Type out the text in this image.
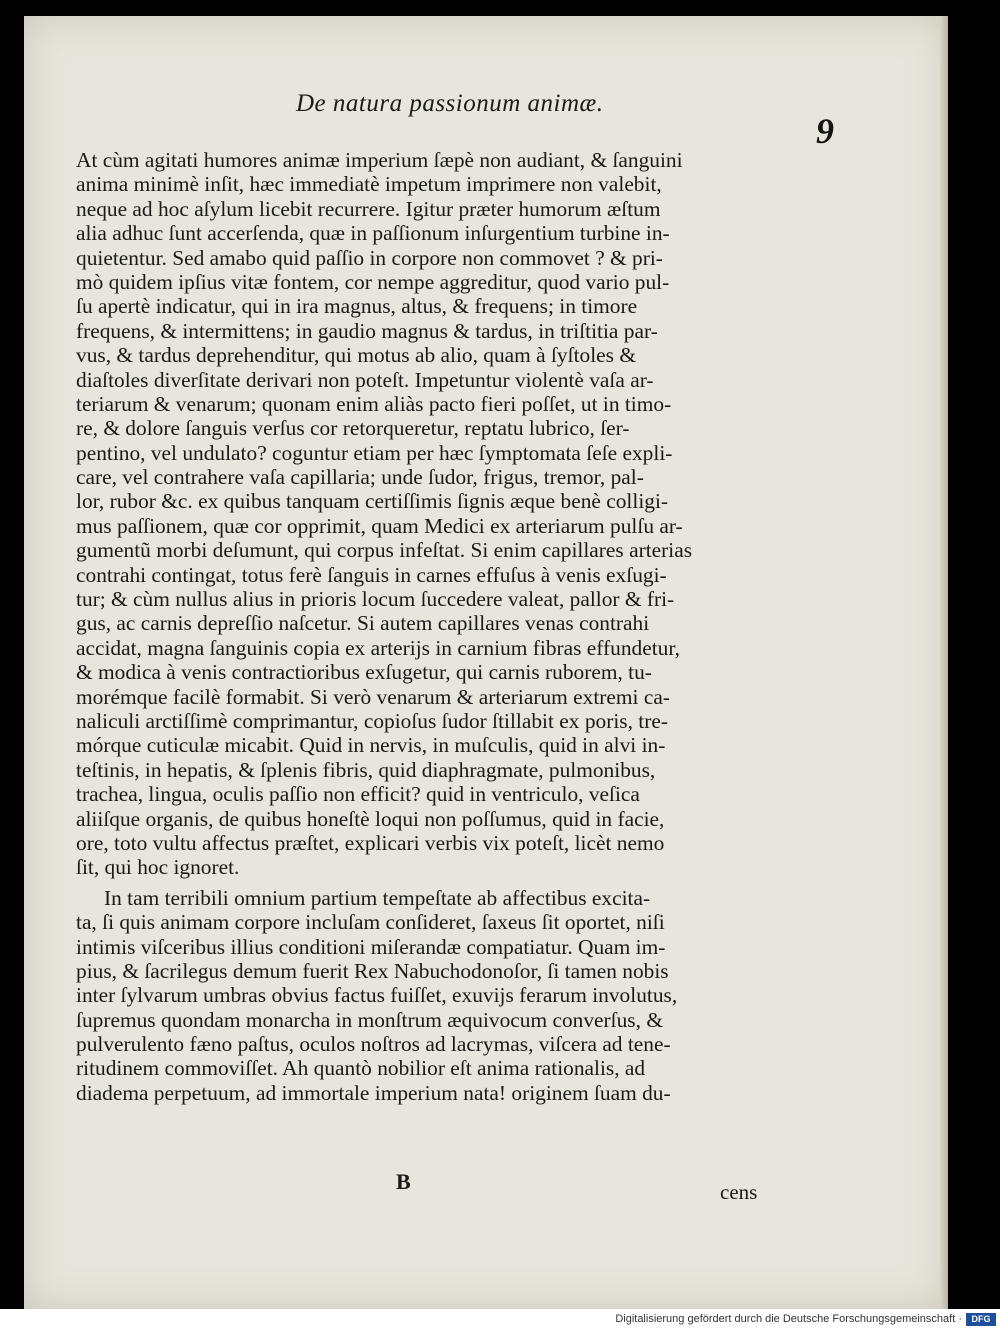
De natura passionum animæ.
9
At cùm agitati humores animæ imperium ſæpè non audiant, & ſanguini
anima minimè inſit, hæc immediatè impetum imprimere non valebit,
neque ad hoc aſylum licebit recurrere. Igitur præter humorum æſtum
alia adhuc ſunt accerſenda, quæ in paſſionum inſurgentium turbine in-
quietentur. Sed amabo quid paſſio in corpore non commovet ? & pri-
mò quidem ipſius vitæ fontem, cor nempe aggreditur, quod vario pul-
ſu apertè indicatur, qui in ira magnus, altus, & frequens; in timore
frequens, & intermittens; in gaudio magnus & tardus, in triſtitia par-
vus, & tardus deprehenditur, qui motus ab alio, quam à ſyſtoles &
diaſtoles diverſitate derivari non poteſt. Impetuntur violentè vaſa ar-
teriarum & venarum; quonam enim aliàs pacto fieri poſſet, ut in timo-
re, & dolore ſanguis verſus cor retorqueretur, reptatu lubrico, ſer-
pentino, vel undulato? coguntur etiam per hæc ſymptomata ſeſe expli-
care, vel contrahere vaſa capillaria; unde ſudor, frigus, tremor, pal-
lor, rubor &c. ex quibus tanquam certiſſimis ſignis æque benè colligi-
mus paſſionem, quæ cor opprimit, quam Medici ex arteriarum pulſu ar-
gumentũ morbi deſumunt, qui corpus infeſtat. Si enim capillares arterias
contrahi contingat, totus ferè ſanguis in carnes effuſus à venis exſugi-
tur; & cùm nullus alius in prioris locum ſuccedere valeat, pallor & fri-
gus, ac carnis depreſſio naſcetur. Si autem capillares venas contrahi
accidat, magna ſanguinis copia ex arterijs in carnium fibras effundetur,
& modica à venis contractioribus exſugetur, qui carnis ruborem, tu-
morémque facilè formabit. Si verò venarum & arteriarum extremi ca-
naliculi arctiſſimè comprimantur, copioſus ſudor ſtillabit ex poris, tre-
mórque cuticulæ micabit. Quid in nervis, in muſculis, quid in alvi in-
teſtinis, in hepatis, & ſplenis fibris, quid diaphragmate, pulmonibus,
trachea, lingua, oculis paſſio non efficit? quid in ventriculo, veſica
aliiſque organis, de quibus honeſtè loqui non poſſumus, quid in facie,
ore, toto vultu affectus præſtet, explicari verbis vix poteſt, licèt nemo
ſit, qui hoc ignoret.
In tam terribili omnium partium tempeſtate ab affectibus excita-
ta, ſi quis animam corpore incluſam conſideret, ſaxeus ſit oportet, niſi
intimis viſceribus illius conditioni miſerandæ compatiatur. Quam im-
pius, & ſacrilegus demum fuerit Rex Nabuchodonoſor, ſi tamen nobis
inter ſylvarum umbras obvius factus fuiſſet, exuvijs ferarum involutus,
ſupremus quondam monarcha in monſtrum æquivocum converſus, &
pulverulento fæno paſtus, oculos noſtros ad lacrymas, viſcera ad tene-
ritudinem commoviſſet. Ah quantò nobilior eſt anima rationalis, ad
diadema perpetuum, ad immortale imperium nata! originem ſuam du-
B	cens
Digitalisierung gefördert durch die Deutsche Forschungsgemeinschaft ·	DFG
